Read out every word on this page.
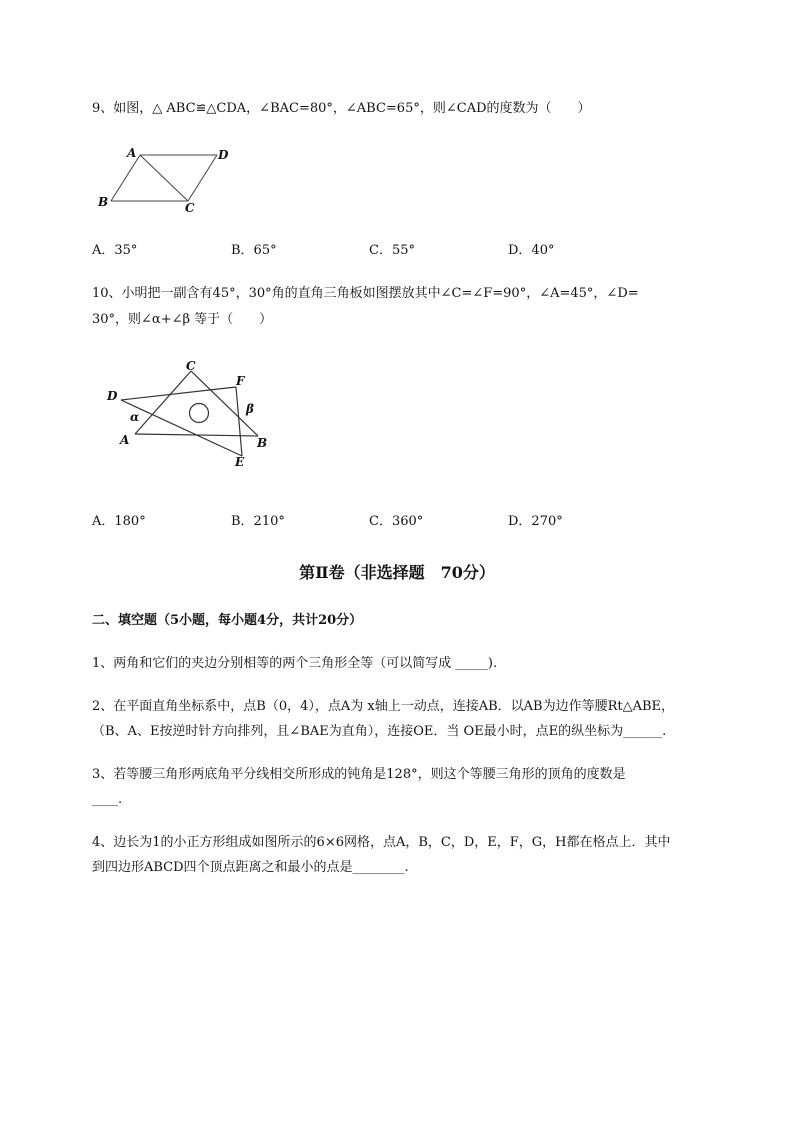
9、如图，△ ABC≌△CDA，∠BAC=80°，∠ABC=65°，则∠CAD的度数为（　　）
A	D
B	C
A．35°	B．65°	C．55°	D．40°
10、小明把一副含有45°，30°角的直角三角板如图摆放其中∠C=∠F=90°，∠A=45°，∠D=
30°，则∠α+∠β 等于（　　）
C
F
D
α
β
A	B
E
A．180°	B．210°	C．360°	D．270°
第Ⅱ卷（非选择题　70分）
二、填空题（5小题，每小题4分，共计20分）
1、两角和它们的夹边分别相等的两个三角形全等（可以简写成 _____).
2、在平面直角坐标系中，点B（0，4），点A为 x轴上一动点，连接AB．以AB为边作等腰Rt△ABE，
（B、A、E按逆时针方向排列，且∠BAE为直角），连接OE．当 OE最小时，点E的纵坐标为______.
3、若等腰三角形两底角平分线相交所形成的钝角是128°，则这个等腰三角形的顶角的度数是
____.
4、边长为1的小正方形组成如图所示的6×6网格，点A，B，C，D，E，F，G，H都在格点上．其中
到四边形ABCD四个顶点距离之和最小的点是________.
